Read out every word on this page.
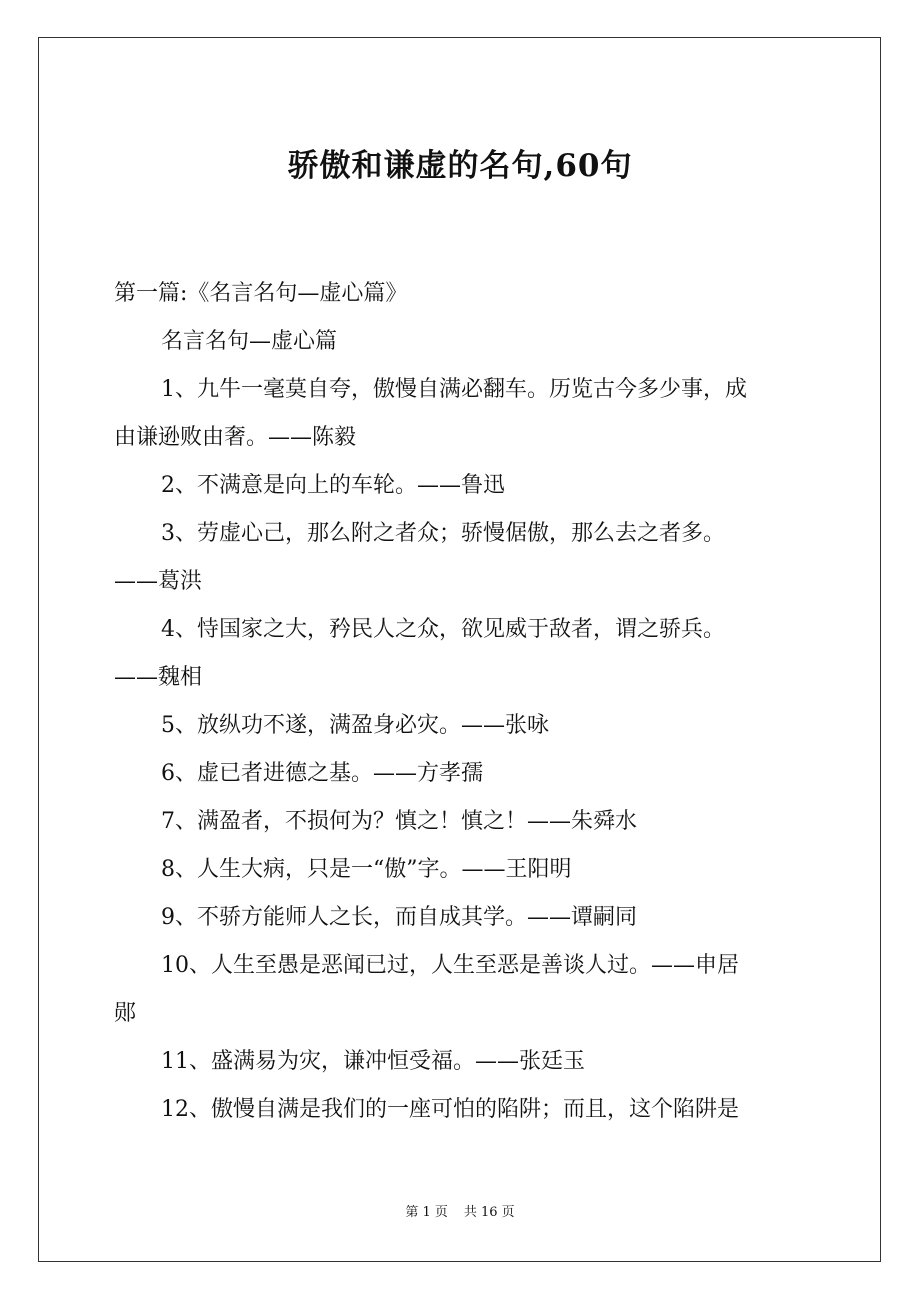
骄傲和谦虚的名句,60句
第一篇:《名言名句—虚心篇》
名言名句—虚心篇
1、九牛一毫莫自夸，傲慢自满必翻车。历览古今多少事，成
由谦逊败由奢。——陈毅
2、不满意是向上的车轮。——鲁迅
3、劳虚心己，那么附之者众；骄慢倨傲，那么去之者多。
——葛洪
4、恃国家之大，矜民人之众，欲见威于敌者，谓之骄兵。
——魏相
5、放纵功不遂，满盈身必灾。——张咏
6、虚已者进德之基。——方孝孺
7、满盈者，不损何为？慎之！慎之！——朱舜水
8、人生大病，只是一“傲”字。——王阳明
9、不骄方能师人之长，而自成其学。——谭嗣同
10、人生至愚是恶闻已过，人生至恶是善谈人过。——申居
郧
11、盛满易为灾，谦冲恒受福。——张廷玉
12、傲慢自满是我们的一座可怕的陷阱；而且，这个陷阱是
第 1 页 共 16 页
